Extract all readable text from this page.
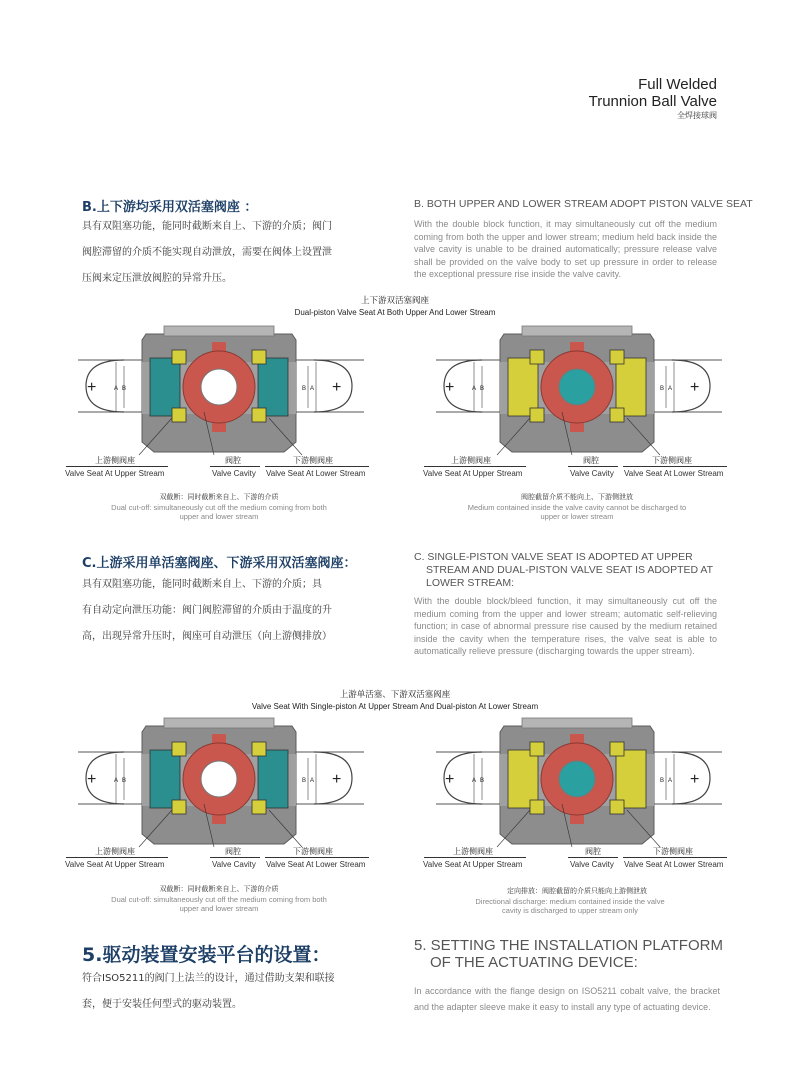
Full Welded
Trunnion Ball Valve
全焊接球阀
B.上下游均采用双活塞阀座 ：
具有双阻塞功能，能同时截断来自上、下游的介质；阀门
阀腔滞留的介质不能实现自动泄放，需要在阀体上设置泄
压阀来定压泄放阀腔的异常升压。
B. BOTH UPPER AND LOWER STREAM ADOPT PISTON VALVE SEAT
With the double block function, it may simultaneously cut off the medium coming from both the upper and lower stream; medium held back inside the valve cavity is unable to be drained automatically; pressure release valve shall be provided on the valve body to set up pressure in order to release the exceptional pressure rise inside the valve cavity.
上下游双活塞阀座
Dual-piston Valve Seat At Both Upper And Lower Stream
+	+
A B	A
B	+	+
A B	A
B
上游侧阀座
Valve Seat At Upper Stream
阀腔
Valve Cavity
下游侧阀座
Valve Seat At Lower Stream
双截断：同时截断来自上、下游的介质
Dual cut-off: simultaneously cut off the medium coming from both upper and lower stream
上游侧阀座
Valve Seat At Upper Stream
阀腔
Valve Cavity
下游侧阀座
Valve Seat At Lower Stream
阀腔截留介质不能向上、下游侧泄放
Medium contained inside the valve cavity cannot be discharged to upper or lower stream
C.上游采用单活塞阀座、下游采用双活塞阀座：
具有双阻塞功能，能同时截断来自上、下游的介质；具
有自动定向泄压功能：阀门阀腔滞留的介质由于温度的升
高，出现异常升压时，阀座可自动泄压（向上游侧排放）
C. SINGLE-PISTON VALVE SEAT IS ADOPTED AT UPPER STREAM AND DUAL-PISTON VALVE SEAT IS ADOPTED AT LOWER STREAM:
With the double block/bleed function, it may simultaneously cut off the medium coming from the upper and lower stream; automatic self-relieving function; in case of abnormal pressure rise caused by the medium retained inside the cavity when the temperature rises, the valve seat is able to automatically relieve pressure (discharging towards the upper stream).
上游单活塞、下游双活塞阀座
Valve Seat With Single-piston At Upper Stream And Dual-piston At Lower Stream
+	+
A B	A
B	+	+
A B	A
B
上游侧阀座
Valve Seat At Upper Stream
阀腔
Valve Cavity
下游侧阀座
Valve Seat At Lower Stream
双截断：同时截断来自上、下游的介质
Dual cut-off: simultaneously cut off the medium coming from both upper and lower stream
上游侧阀座
Valve Seat At Upper Stream
阀腔
Valve Cavity
下游侧阀座
Valve Seat At Lower Stream
定向排放：阀腔截留的介质只能向上游侧泄放
Directional discharge: medium contained inside the valve cavity is discharged to upper stream only
5.驱动装置安装平台的设置：
符合ISO5211的阀门上法兰的设计，通过借助支架和联接
套，便于安装任何型式的驱动装置。
5. SETTING THE INSTALLATION PLATFORM OF THE ACTUATING DEVICE:
In accordance with the flange design on ISO5211 cobalt valve, the bracket and the adapter sleeve make it easy to install any type of actuating device.
